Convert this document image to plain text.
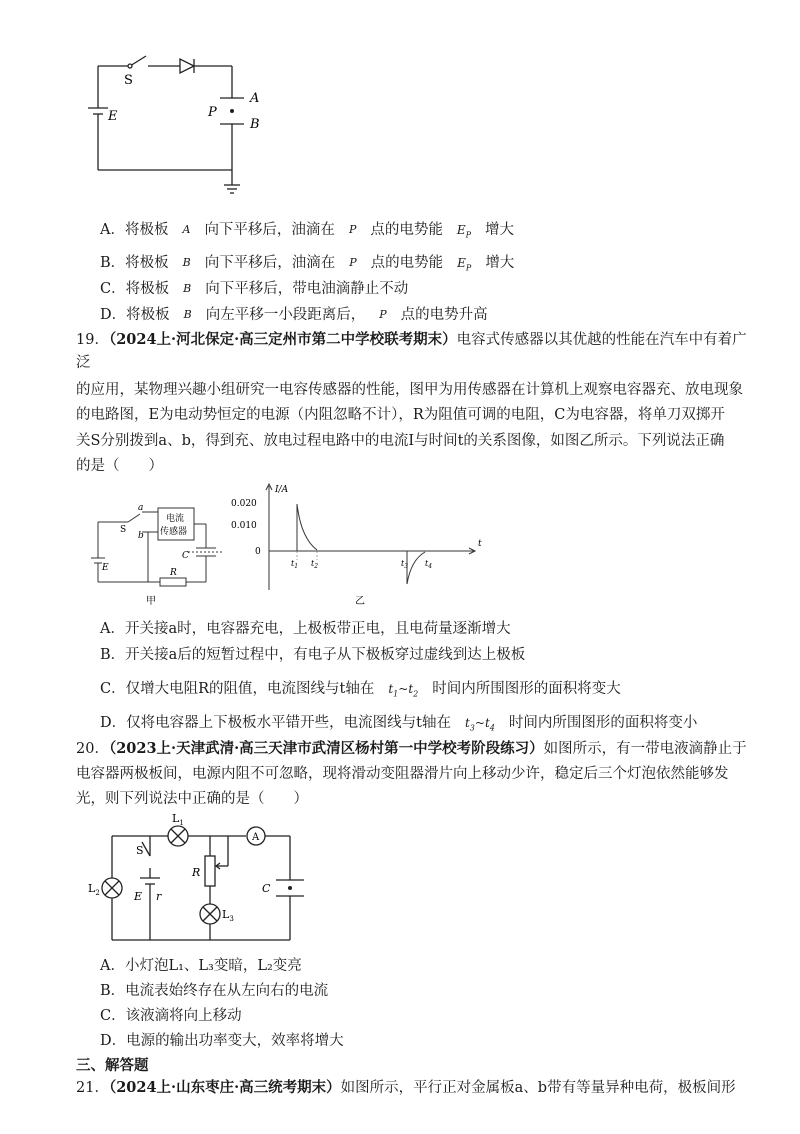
S
E	P
A
B
A．将极板 A 向下平移后，油滴在 P 点的电势能 $E_P$ 增大
B．将极板 B 向下平移后，油滴在 P 点的电势能 $E_P$ 增大
C．将极板 B 向下平移后，带电油滴静止不动
D．将极板 B 向左平移一小段距离后， P 点的电势升高
19．（2024上·河北保定·高三定州市第二中学校联考期末）电容式传感器以其优越的性能在汽车中有着广
泛
的应用，某物理兴趣小组研究一电容传感器的性能，图甲为用传感器在计算机上观察电容器充、放电现象
的电路图，E为电动势恒定的电源（内阻忽略不计），R为阻值可调的电阻，C为电容器，将单刀双掷开
关S分别拨到a、b，得到充、放电过程电路中的电流I与时间t的关系图像，如图乙所示。下列说法正确
的是（　　）
a
b
S
电流
传感器
C
E	R
甲
I/A
0.020
0.010
0
t
$t_1$ $t_2$	$t_3$ $t_4$
乙
A．开关接a时，电容器充电，上极板带正电，且电荷量逐渐增大
B．开关接a后的短暂过程中，有电子从下极板穿过虚线到达上极板
C．仅增大电阻R的阻值，电流图线与t轴在 $t_1\sim t_2$ 时间内所围图形的面积将变大
D．仅将电容器上下极板水平错开些，电流图线与t轴在 $t_3\sim t_4$ 时间内所围图形的面积将变小
20．（2023上·天津武清·高三天津市武清区杨村第一中学校考阶段练习）如图所示，有一带电液滴静止于
电容器两极板间，电源内阻不可忽略，现将滑动变阻器滑片向上移动少许，稳定后三个灯泡依然能够发
光，则下列说法中正确的是（　　）
A
$L_1$
$L_2$
$L_3$
S
R
C
E r
A．小灯泡L₁、L₃变暗，L₂变亮
B．电流表始终存在从左向右的电流
C．该液滴将向上移动
D．电源的输出功率变大，效率将增大
三、解答题
21．（2024上·山东枣庄·高三统考期末）如图所示，平行正对金属板a、b带有等量异种电荷，极板间形
